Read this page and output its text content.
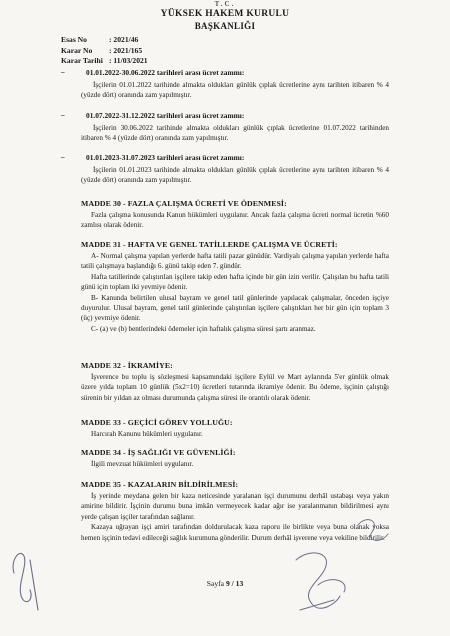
T.C.
YÜKSEK HAKEM KURULU
BAŞKANLIĞI
Esas No	: 2021/46
Karar No	: 2021/165
Karar Tarihi : 11/03/2021
–	01.01.2022-30.06.2022 tarihleri arası ücret zammı:
İşçilerin 01.01.2022 tarihinde almakta oldukları günlük çıplak ücretlerine aynı tarihten itibaren % 4 (yüzde dört) oranında zam yapılmıştır.
–	01.07.2022-31.12.2022 tarihleri arası ücret zammı:
İşçilerin 30.06.2022 tarihinde almakta oldukları günlük çıplak ücretlerine 01.07.2022 tarihinden itibaren % 4 (yüzde dört) oranında zam yapılmıştır.
–	01.01.2023-31.07.2023 tarihleri arası ücret zammı:
İşçilerin 01.01.2023 tarihinde almakta oldukları günlük çıplak ücretlerine aynı tarihten itibaren % 4 (yüzde dört) oranında zam yapılmıştır.
MADDE 30 - FAZLA ÇALIŞMA ÜCRETİ VE ÖDENMESİ:

Fazla çalışma konusunda Kanun hükümleri uygulanır. Ancak fazla çalışma ücreti normal ücretin %60 zamlısı olarak ödenir.

MADDE 31 - HAFTA VE GENEL TATİLLERDE ÇALIŞMA VE ÜCRETİ:

A- Normal çalışma yapılan yerlerde hafta tatili pazar günüdür. Vardiyalı çalışma yapılan yerlerde hafta tatili çalışmaya başlandığı 6. günü takip eden 7. gündür.

Hafta tatillerinde çalıştırılan işçilere takip eden hafta içinde bir gün izin verilir. Çalışılan bu hafta tatili günü için toplam iki yevmiye ödenir.

B- Kanunda belirtilen ulusal bayram ve genel tatil günlerinde yapılacak çalışmalar, önceden işçiye duyurulur. Ulusal bayram, genel tatil günlerinde çalıştırılan işçilere çalıştıkları her bir gün için toplam 3 (üç) yevmiye ödenir.

C- (a) ve (b) bentlerindeki ödemeler için haftalık çalışma süresi şartı aranmaz.

MADDE 32 - İKRAMİYE:

İşverence bu toplu iş sözleşmesi kapsamındaki işçilere Eylül ve Mart aylarında 5'er günlük olmak üzere yılda toplam 10 günlük (5x2=10) ücretleri tutarında ikramiye ödenir. Bu ödeme, işçinin çalıştığı sürenin bir yıldan az olması durumunda çalışma süresi ile orantılı olarak ödenir.

MADDE 33 - GEÇİCİ GÖREV YOLLUĞU:

Harcırah Kanunu hükümleri uygulanır.

MADDE 34 - İŞ SAĞLIĞI VE GÜVENLİĞİ:

İlgili mevzuat hükümleri uygulanır.

MADDE 35 - KAZALARIN BİLDİRİLMESİ:

İş yerinde meydana gelen bir kaza neticesinde yaralanan işçi durumunu derhâl ustabaşı veya yakın amirine bildirir. İşçinin durumu buna imkân vermeyecek kadar ağır ise yaralanmanın bildirilmesi aynı yerde çalışan işçiler tarafından sağlanır.

Kazaya uğrayan işçi amiri tarafından doldurulacak kaza raporu ile birlikte veya buna olanak yoksa hemen işçinin tedavi edileceği sağlık kurumuna gönderilir. Durum derhâl işverene veya vekiline bildirilir.

Sayfa 9 / 13
